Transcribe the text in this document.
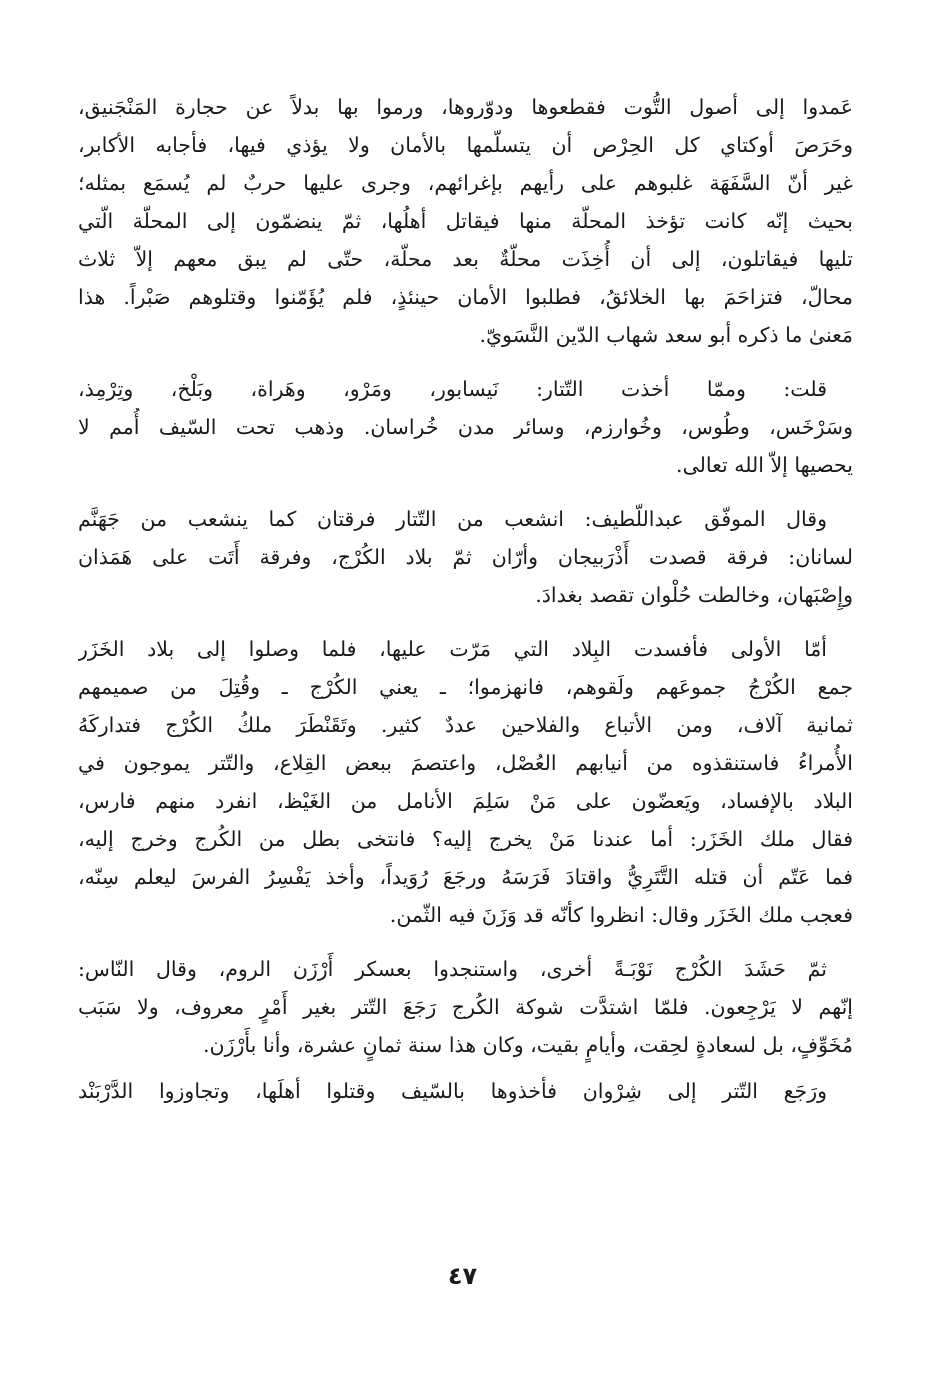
عَمدوا إلى أصول التُّوت فقطعوها ودوّروها، ورموا بها بدلاً عن حجارة المَنْجَنيق،
وحَرَصَ أوكتاي كل الحِرْص أن يتسلّمها بالأمان ولا يؤذي فيها، فأجابه الأكابر،
غير أنّ السَّفَهَة غلبوهم على رأيهم بإغرائهم، وجرى عليها حربٌ لم يُسمَع بمثله؛
بحيث إنّه كانت تؤخذ المحلّة منها فيقاتل أهلُها، ثمّ ينضمّون إلى المحلّة الّتي
تليها فيقاتلون، إلى أن أُخِذَت محلّةٌ بعد محلّة، حتّى لم يبق معهم إلاّ ثلاث
محالّ، فتزاحَمَ بها الخلائقُ، فطلبوا الأمان حينئذٍ، فلم يُؤَمّنوا وقتلوهم صَبْراً. هذا
مَعنىٰ ما ذكره أبو سعد شهاب الدّين النَّسَويّ.

قلت: وممّا أخذت التّتار: نَيسابور، ومَرْو، وهَراة، وبَلْخ، وتِرْمِذ،
وسَرْخَس، وطُوس، وخُوارزم، وسائر مدن خُراسان. وذهب تحت السّيف أُمم لا
يحصيها إلاّ الله تعالى.

وقال الموفّق عبداللّطيف: انشعب من التّتار فرقتان كما ينشعب من جَهَنَّم
لسانان: فرقة قصدت أَذْرَبيجان وأرّان ثمّ بلاد الكُرْج، وفرقة أَتَت على هَمَذان
وإِصْبَهان، وخالطت حُلْوان تقصد بغدادَ.

أمّا الأولى فأفسدت البِلاد التي مَرّت عليها، فلما وصلوا إلى بلاد الخَزَر
جمع الكُرْجُ جموعَهم ولَقوهم، فانهزموا؛ ـ يعني الكُرْج ـ وقُتِلَ من صميمهم
ثمانية آلاف، ومن الأتباع والفلاحين عددٌ كثير. وتَقَنْطَرَ ملكُ الكُرْج فتداركَهُ
الأُمراءُ فاستنقذوه من أنيابهم العُصْل، واعتصمَ ببعض القِلاع، والتّتر يموجون في
البلاد بالإفساد، ويَعضّون على مَنْ سَلِمَ الأنامل من الغَيْظ، انفرد منهم فارس،
فقال ملك الخَزَر: أما عندنا مَنْ يخرج إليه؟ فانتخى بطل من الكُرج وخرج إليه،
فما عَتّم أن قتله التَّتَرِيُّ واقتادَ فَرَسَهُ ورجَعَ رُوَيداً، وأخذ يَفْسِرُ الفرسَ ليعلم سِنّه،
فعجب ملك الخَزَر وقال: انظروا كأنّه قد وَزَنَ فيه الثّمن.

ثمّ حَشَدَ الكُرْج نَوْبَـةً أخرى، واستنجدوا بعسكر أَرْزَن الروم، وقال النّاس:
إنّهم لا يَرْجِعون. فلمّا اشتدَّت شوكة الكُرج رَجَعَ التّتر بغير أَمْرٍ معروف، ولا سَبَب
مُخَوِّفٍ، بل لسعادةٍ لحِقت، وأيامٍ بقيت، وكان هذا سنة ثمانٍ عشرة، وأنا بأَرْزَن.

ورَجَع التّتر إلى شِرْوان فأخذوها بالسّيف وقتلوا أهلَها، وتجاوزوا الدَّرْبَنْد

٤٧
